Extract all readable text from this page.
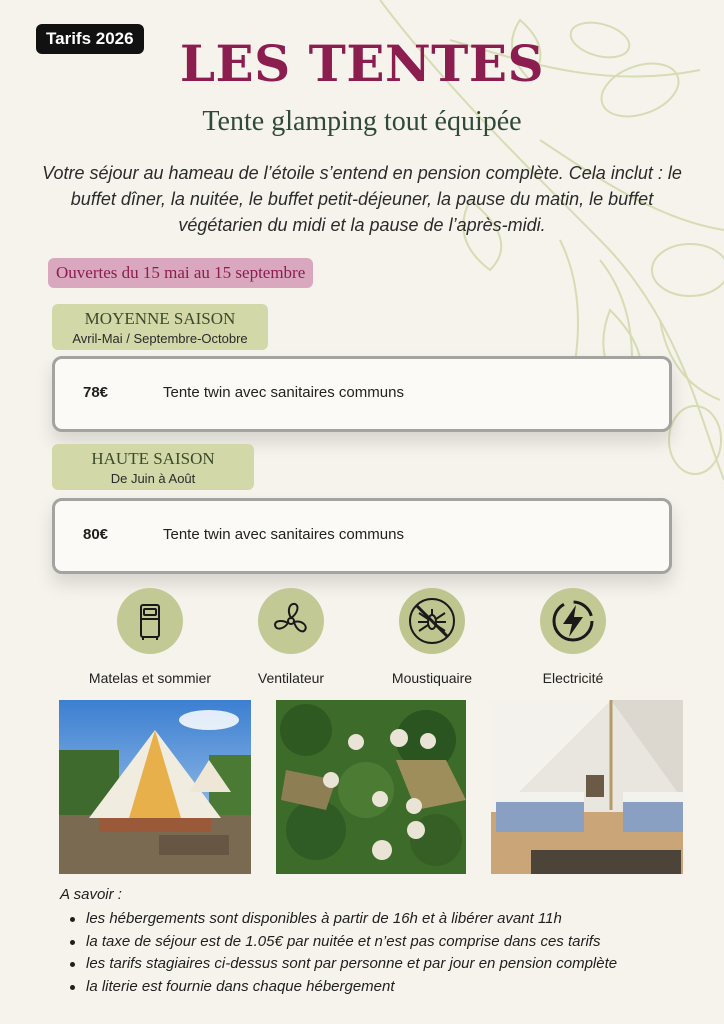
Tarifs 2026 LES TENTES
Tente glamping tout équipée

Votre séjour au hameau de l’étoile s’entend en pension complète. Cela inclut : le buffet dîner, la nuitée, le buffet petit-déjeuner, la pause du matin, le buffet végétarien du midi et la pause de l’après-midi.

Ouvertes du 15 mai au 15 septembre
MOYENNE SAISON
Avril-Mai / Septembre-Octobre
78€	Tente twin avec sanitaires communs
HAUTE SAISON
De Juin à Août
80€	Tente twin avec sanitaires communs
Matelas et sommier	Ventilateur	Moustiquaire	Electricité
A savoir :
les hébergements sont disponibles à partir de 16h et à libérer avant 11h
la taxe de séjour est de 1.05€ par nuitée et n’est pas comprise dans ces tarifs
les tarifs stagiaires ci-dessus sont par personne et par jour en pension complète
la literie est fournie dans chaque hébergement
